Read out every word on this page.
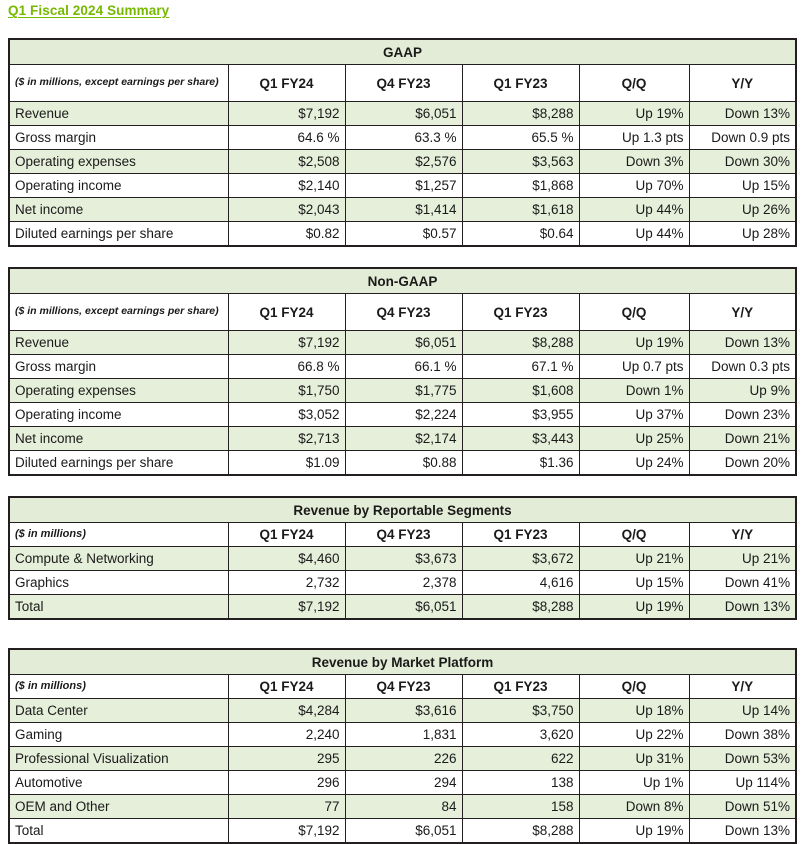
Q1 Fiscal 2024 Summary
GAAP					
($ in millions, except earnings per share)	Q1 FY24	Q4 FY23	Q1 FY23	Q/Q	Y/Y
Revenue	$7,192	$6,051	$8,288	Up 19%	Down 13%
Gross margin	64.6 %	63.3 %	65.5 %	Up 1.3 pts	Down 0.9 pts
Operating expenses	$2,508	$2,576	$3,563	Down 3%	Down 30%
Operating income	$2,140	$1,257	$1,868	Up 70%	Up 15%
Net income	$2,043	$1,414	$1,618	Up 44%	Up 26%
Diluted earnings per share	$0.82	$0.57	$0.64	Up 44%	Up 28%
Non-GAAP					
($ in millions, except earnings per share)	Q1 FY24	Q4 FY23	Q1 FY23	Q/Q	Y/Y
Revenue	$7,192	$6,051	$8,288	Up 19%	Down 13%
Gross margin	66.8 %	66.1 %	67.1 %	Up 0.7 pts	Down 0.3 pts
Operating expenses	$1,750	$1,775	$1,608	Down 1%	Up 9%
Operating income	$3,052	$2,224	$3,955	Up 37%	Down 23%
Net income	$2,713	$2,174	$3,443	Up 25%	Down 21%
Diluted earnings per share	$1.09	$0.88	$1.36	Up 24%	Down 20%
Revenue by Reportable Segments					
($ in millions)	Q1 FY24	Q4 FY23	Q1 FY23	Q/Q	Y/Y
Compute & Networking	$4,460	$3,673	$3,672	Up 21%	Up 21%
Graphics	2,732	2,378	4,616	Up 15%	Down 41%
Total	$7,192	$6,051	$8,288	Up 19%	Down 13%
Revenue by Market Platform					
($ in millions)	Q1 FY24	Q4 FY23	Q1 FY23	Q/Q	Y/Y
Data Center	$4,284	$3,616	$3,750	Up 18%	Up 14%
Gaming	2,240	1,831	3,620	Up 22%	Down 38%
Professional Visualization	295	226	622	Up 31%	Down 53%
Automotive	296	294	138	Up 1%	Up 114%
OEM and Other	77	84	158	Down 8%	Down 51%
Total	$7,192	$6,051	$8,288	Up 19%	Down 13%
